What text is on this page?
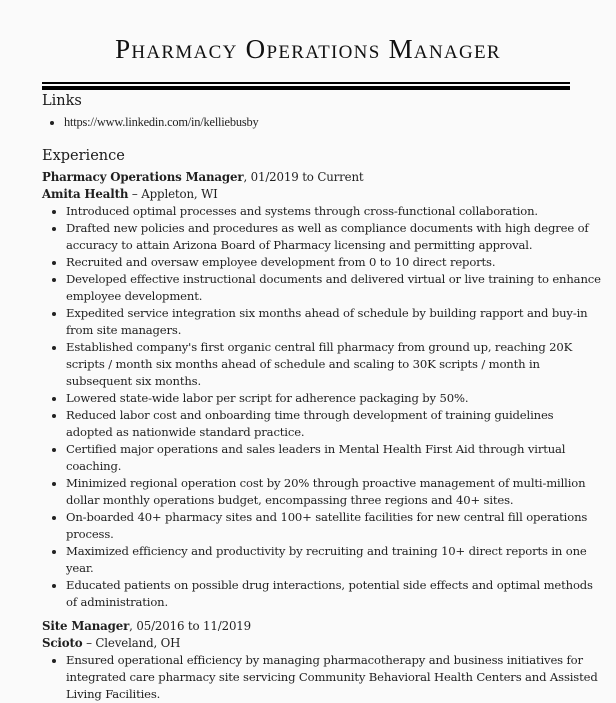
Pharmacy Operations Manager
Links
https://www.linkedin.com/in/kelliebusby
Experience
Pharmacy Operations Manager, 01/2019 to Current
Amita Health – Appleton, WI
Introduced optimal processes and systems through cross-functional collaboration.
Drafted new policies and procedures as well as compliance documents with high degree of accuracy to attain Arizona Board of Pharmacy licensing and permitting approval.
Recruited and oversaw employee development from 0 to 10 direct reports.
Developed effective instructional documents and delivered virtual or live training to enhance employee development.
Expedited service integration six months ahead of schedule by building rapport and buy-in from site managers.
Established company's first organic central fill pharmacy from ground up, reaching 20K scripts / month six months ahead of schedule and scaling to 30K scripts / month in subsequent six months.
Lowered state-wide labor per script for adherence packaging by 50%.
Reduced labor cost and onboarding time through development of training guidelines adopted as nationwide standard practice.
Certified major operations and sales leaders in Mental Health First Aid through virtual coaching.
Minimized regional operation cost by 20% through proactive management of multi-million dollar monthly operations budget, encompassing three regions and 40+ sites.
On-boarded 40+ pharmacy sites and 100+ satellite facilities for new central fill operations process.
Maximized efficiency and productivity by recruiting and training 10+ direct reports in one year.
Educated patients on possible drug interactions, potential side effects and optimal methods of administration.
Site Manager, 05/2016 to 11/2019
Scioto – Cleveland, OH
Ensured operational efficiency by managing pharmacotherapy and business initiatives for integrated care pharmacy site servicing Community Behavioral Health Centers and Assisted Living Facilities.
